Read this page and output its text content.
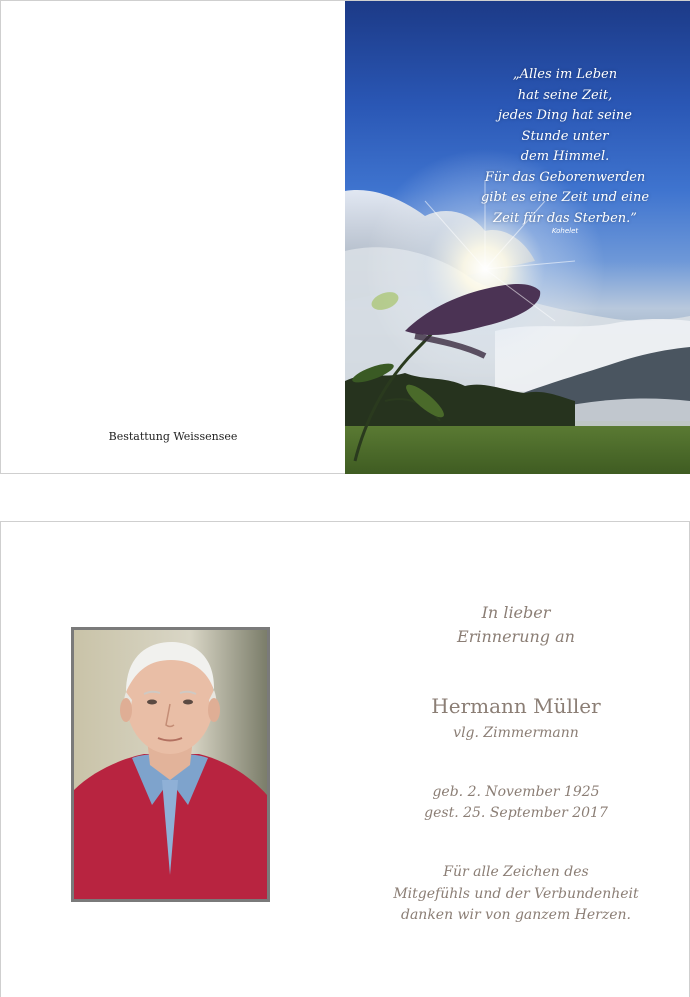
Bestattung Weissensee
„Alles im Leben
hat seine Zeit,
jedes Ding hat seine
Stunde unter
dem Himmel.
Für das Geborenwerden
gibt es eine Zeit und eine
Zeit für das Sterben.”
Kohelet
In lieber
Erinnerung an
Hermann Müller
vlg. Zimmermann
geb. 2. November 1925
gest. 25. September 2017
Für alle Zeichen des
Mitgefühls und der Verbundenheit
danken wir von ganzem Herzen.
